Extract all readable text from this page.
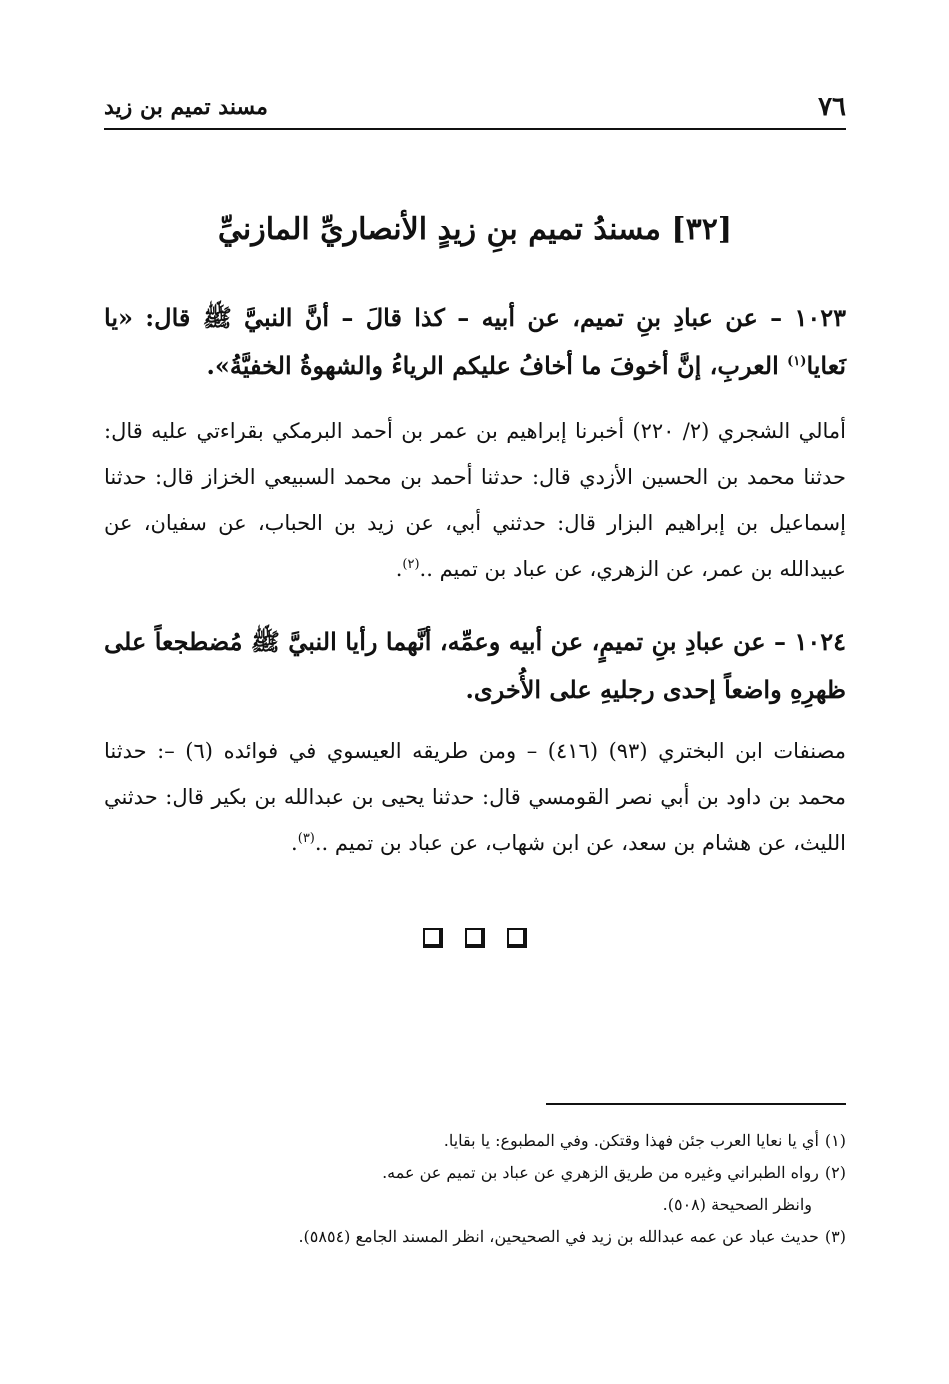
٧٦
مسند تميم بن زيد
[٣٢] مسندُ تميم بنِ زيدٍ الأنصاريِّ المازنيِّ
١٠٢٣ – عن عبادِ بنِ تميم، عن أبيه – كذا قالَ – أنَّ النبيَّ ﷺ قال: «يا نَعايا$^{(١)}$ العربِ، إنَّ أخوفَ ما أخافُ عليكم الرياءُ والشهوةُ الخفيَّةُ».
أمالي الشجري (٢/ ٢٢٠) أخبرنا إبراهيم بن عمر بن أحمد البرمكي بقراءتي عليه قال: حدثنا محمد بن الحسين الأزدي قال: حدثنا أحمد بن محمد السبيعي الخزاز قال: حدثنا إسماعيل بن إبراهيم البزار قال: حدثني أبي، عن زيد بن الحباب، عن سفيان، عن عبيدالله بن عمر، عن الزهري، عن عباد بن تميم ..$^{(٢)}$.
١٠٢٤ – عن عبادِ بنِ تميمٍ، عن أبيه وعمِّه، أنَّهما رأيا النبيَّ ﷺ مُضطجعاً على ظهرِهِ واضعاً إحدى رجليهِ على الأُخرى.
مصنفات ابن البختري (٩٣) (٤١٦) – ومن طريقه العيسوي في فوائده (٦) –: حدثنا محمد بن داود بن أبي نصر القومسي قال: حدثنا يحيى بن عبدالله بن بكير قال: حدثني الليث، عن هشام بن سعد، عن ابن شهاب، عن عباد بن تميم ..$^{(٣)}$.

(١)أي يا نعايا العرب جئن فهذا وقتكن. وفي المطبوع: يا بقايا.

(٢)رواه الطبراني وغيره من طريق الزهري عن عباد بن تميم عن عمه.

وانظر الصحيحة (٥٠٨).

(٣)حديث عباد عن عمه عبدالله بن زيد في الصحيحين، انظر المسند الجامع (٥٨٥٤).
